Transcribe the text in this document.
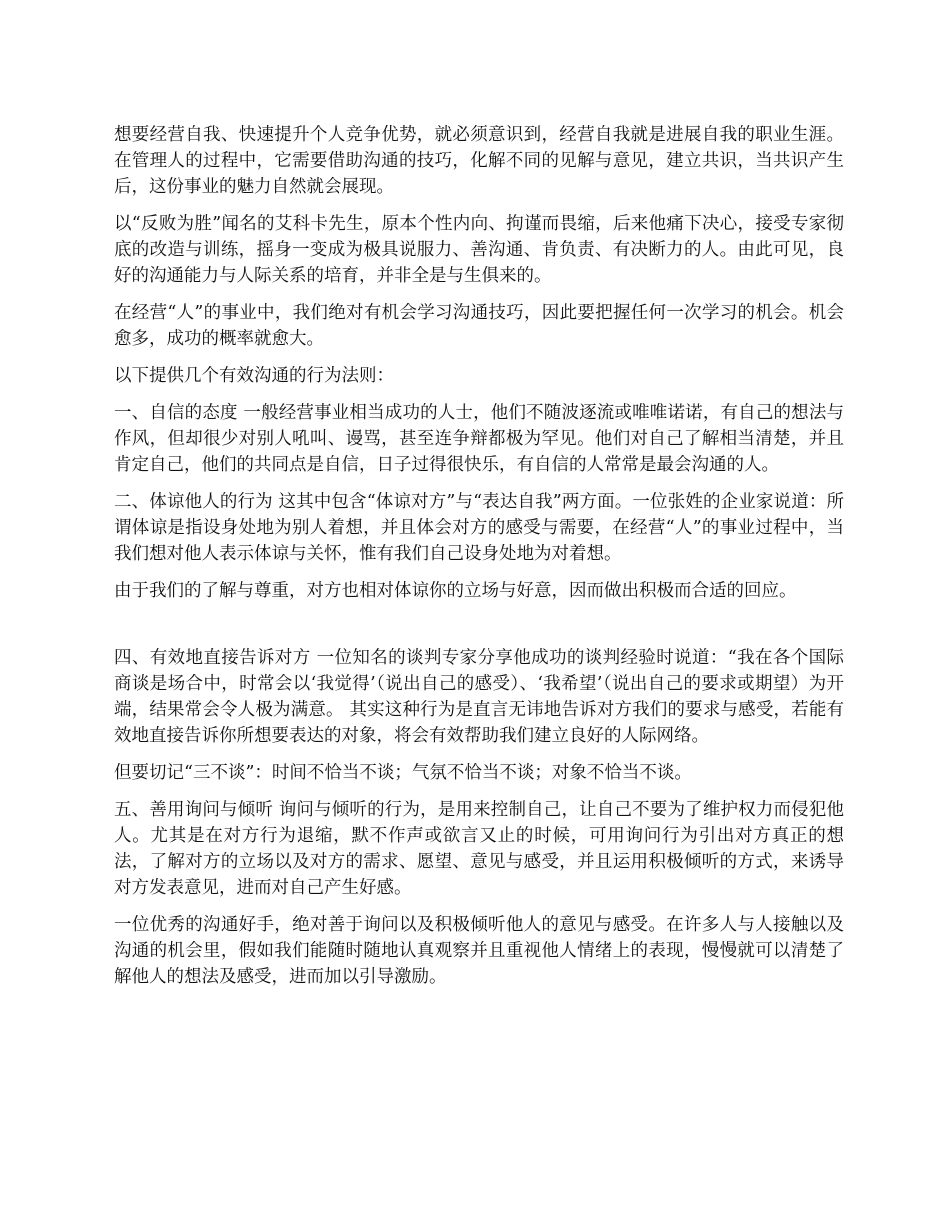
想要经营自我、快速提升个人竞争优势，就必须意识到，经营自我就是进展自我的职业生涯。在管理人的过程中，它需要借助沟通的技巧，化解不同的见解与意见，建立共识，当共识产生后，这份事业的魅力自然就会展现。

以“反败为胜”闻名的艾科卡先生，原本个性内向、拘谨而畏缩，后来他痛下决心，接受专家彻底的改造与训练，摇身一变成为极具说服力、善沟通、肯负责、有决断力的人。由此可见，良好的沟通能力与人际关系的培育，并非全是与生俱来的。

在经营“人”的事业中，我们绝对有机会学习沟通技巧，因此要把握任何一次学习的机会。机会愈多，成功的概率就愈大。

以下提供几个有效沟通的行为法则：

一、自信的态度 一般经营事业相当成功的人士，他们不随波逐流或唯唯诺诺，有自己的想法与作风，但却很少对别人吼叫、谩骂，甚至连争辩都极为罕见。他们对自己了解相当清楚，并且肯定自己，他们的共同点是自信，日子过得很快乐，有自信的人常常是最会沟通的人。

二、体谅他人的行为 这其中包含“体谅对方”与“表达自我”两方面。一位张姓的企业家说道：所谓体谅是指设身处地为别人着想，并且体会对方的感受与需要，在经营“人”的事业过程中，当我们想对他人表示体谅与关怀，惟有我们自己设身处地为对着想。

由于我们的了解与尊重，对方也相对体谅你的立场与好意，因而做出积极而合适的回应。

四、有效地直接告诉对方 一位知名的谈判专家分享他成功的谈判经验时说道：“我在各个国际商谈是场合中，时常会以‘我觉得’（说出自己的感受）、‘我希望’（说出自己的要求或期望）为开端，结果常会令人极为满意。 其实这种行为是直言无讳地告诉对方我们的要求与感受，若能有效地直接告诉你所想要表达的对象，将会有效帮助我们建立良好的人际网络。

但要切记“三不谈”：时间不恰当不谈；气氛不恰当不谈；对象不恰当不谈。

五、善用询问与倾听 询问与倾听的行为，是用来控制自己，让自己不要为了维护权力而侵犯他人。尤其是在对方行为退缩，默不作声或欲言又止的时候，可用询问行为引出对方真正的想法，了解对方的立场以及对方的需求、愿望、意见与感受，并且运用积极倾听的方式，来诱导对方发表意见，进而对自己产生好感。

一位优秀的沟通好手，绝对善于询问以及积极倾听他人的意见与感受。在许多人与人接触以及沟通的机会里，假如我们能随时随地认真观察并且重视他人情绪上的表现，慢慢就可以清楚了解他人的想法及感受，进而加以引导激励。
